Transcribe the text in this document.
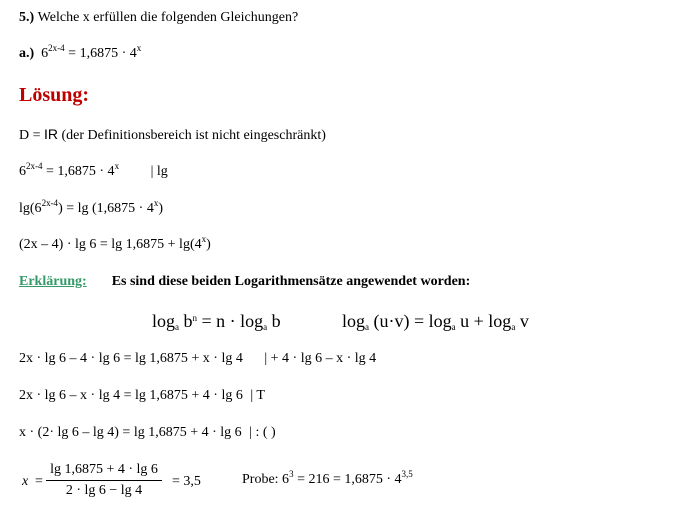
5.) Welche x erfüllen die folgenden Gleichungen?
a.) $6^{2x-4} = 1,6875 \cdot 4^x$
Lösung:
D = IR (der Definitionsbereich ist nicht eingeschränkt)
$6^{2x-4} = 1,6875 \cdot 4^x$ | lg
$\lg(6^{2x-4}) = \lg (1,6875 \cdot 4^x)$
$(2x - 4) \cdot \lg 6 = \lg 1,6875 + \lg(4^x)$
Erklärung: Es sind diese beiden Logarithmensätze angewendet worden:
$\log_a b^n = n \cdot \log_a b$	$\log_a (u\cdot v) = \log_a u + \log_a v$
2x · lg 6 – 4 · lg 6 = lg 1,6875 + x · lg 4 | + 4 · lg 6 – x · lg 4
2x · lg 6 – x · lg 4 = lg 1,6875 + 4 · lg 6 | T
x · (2· lg 6 – lg 4) = lg 1,6875 + 4 · lg 6 | : ( )
x =
lg 1,6875 + 4 · lg 6
2 · lg 6 − lg 4
= 3,5	Probe: $6^3 = 216 = 1,6875 \cdot 4^{3,5}$
